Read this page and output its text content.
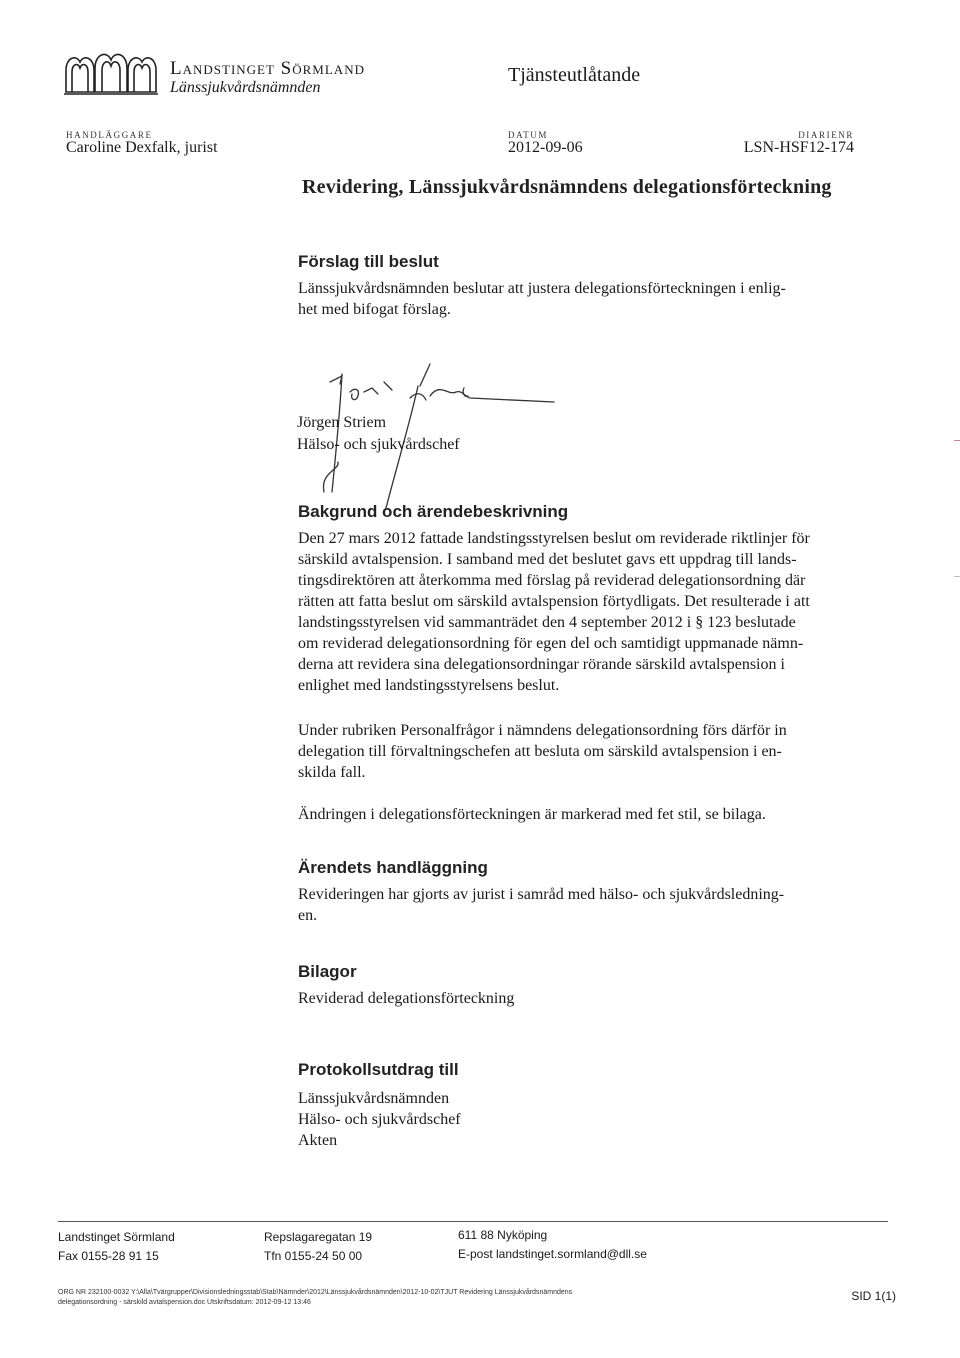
Landstinget Sörmland
Länssjukvårdsnämnden
Tjänsteutlåtande
HANDLÄGGARE
Caroline Dexfalk, jurist
DATUM
2012-09-06
DIARIENR
LSN-HSF12-174
Revidering, Länssjukvårdsnämndens delegationsförteckning
Förslag till beslut
Länssjukvårdsnämnden beslutar att justera delegationsförteckningen i enlig-
het med bifogat förslag.
Jörgen Striem
Hälso- och sjukvårdschef
Bakgrund och ärendebeskrivning
Den 27 mars 2012 fattade landstingsstyrelsen beslut om reviderade riktlinjer för
särskild avtalspension. I samband med det beslutet gavs ett uppdrag till lands-
tingsdirektören att återkomma med förslag på reviderad delegationsordning där
rätten att fatta beslut om särskild avtalspension förtydligats. Det resulterade i att
landstingsstyrelsen vid sammanträdet den 4 september 2012 i § 123 beslutade
om reviderad delegationsordning för egen del och samtidigt uppmanade nämn-
derna att revidera sina delegationsordningar rörande särskild avtalspension i
enlighet med landstingsstyrelsens beslut.
Under rubriken Personalfrågor i nämndens delegationsordning förs därför in
delegation till förvaltningschefen att besluta om särskild avtalspension i en-
skilda fall.
Ändringen i delegationsförteckningen är markerad med fet stil, se bilaga.
Ärendets handläggning
Revideringen har gjorts av jurist i samråd med hälso- och sjukvårdsledning-
en.
Bilagor
Reviderad delegationsförteckning
Protokollsutdrag till
Länssjukvårdsnämnden
Hälso- och sjukvårdschef
Akten
Landstinget Sörmland
Fax 0155-28 91 15
Repslagaregatan 19
Tfn 0155-24 50 00
611 88 Nyköping
E-post landstinget.sormland@dll.se
ORG NR 232100-0032 Y:\Alla\Tvärgrupper\Divisionsledningsstab\Stab\Nämnder\2012\Länssjukvårdsnämnden\2012-10-02\TJUT Revidering Länssjukvårdsnämndens
delegationsordning - särskild avtalspension.doc Utskriftsdatum: 2012-09-12 13:46	SID 1(1)
